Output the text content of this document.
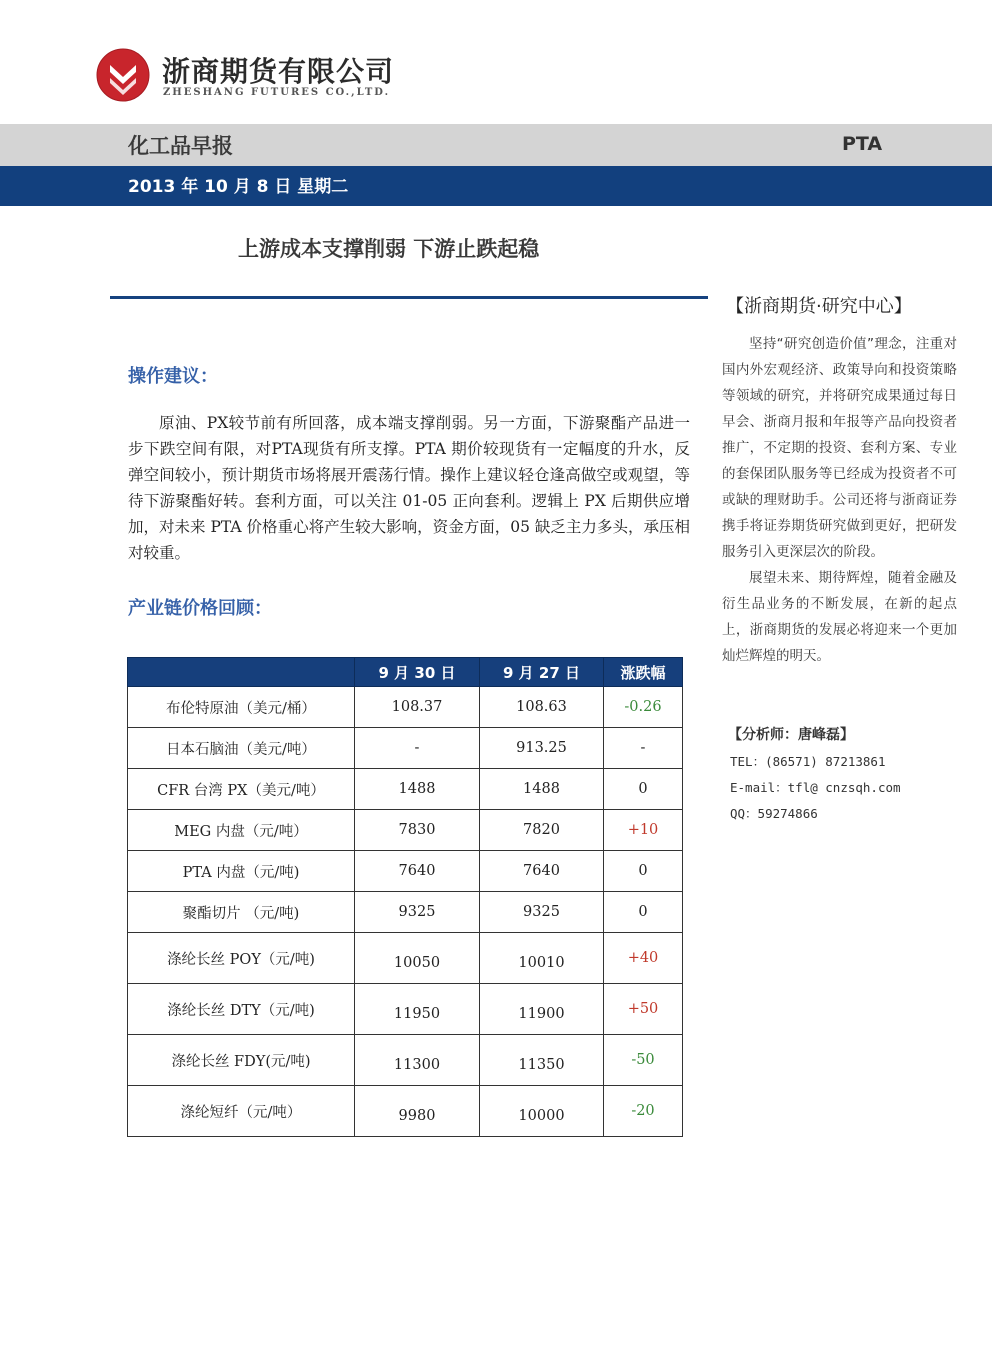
浙商期货有限公司
ZHESHANG FUTURES CO.,LTD.
化工品早报	PTA
2013 年 10 月 8 日 星期二
上游成本支撑削弱 下游止跌起稳
操作建议：

原油、PX较节前有所回落，成本端支撑削弱。另一方面，下游聚酯产品进一步下跌空间有限，对PTA现货有所支撑。PTA 期价较现货有一定幅度的升水，反弹空间较小，预计期货市场将展开震荡行情。操作上建议轻仓逢高做空或观望，等待下游聚酯好转。套利方面，可以关注 01-05 正向套利。逻辑上 PX 后期供应增加，对未来 PTA 价格重心将产生较大影响，资金方面，05 缺乏主力多头，承压相对较重。

产业链价格回顾：
	9 月 30 日	9 月 27 日	涨跌幅
布伦特原油（美元/桶）	108.37	108.63	-0.26
日本石脑油（美元/吨）	-	913.25	-
CFR 台湾 PX（美元/吨）	1488	1488	0
MEG 内盘（元/吨）	7830	7820	+10
PTA 内盘（元/吨)	7640	7640	0
聚酯切片 （元/吨)	9325	9325	0
涤纶长丝 POY（元/吨)	10050	10010	+40
涤纶长丝 DTY（元/吨)	11950	11900	+50
涤纶长丝 FDY(元/吨)	11300	11350	-50
涤纶短纤（元/吨）	9980	10000	-20
【浙商期货·研究中心】
坚持“研究创造价值”理念，注重对国内外宏观经济、政策导向和投资策略等领域的研究，并将研究成果通过每日早会、浙商月报和年报等产品向投资者推广，不定期的投资、套利方案、专业的套保团队服务等已经成为投资者不可或缺的理财助手。公司还将与浙商证券携手将证券期货研究做到更好，把研发服务引入更深层次的阶段。
展望未来、期待辉煌，随着金融及衍生品业务的不断发展，在新的起点上，浙商期货的发展必将迎来一个更加灿烂辉煌的明天。
【分析师：唐峰磊】
TEL：(86571) 87213861
E-mail：tfl@ cnzsqh.com
QQ：59274866
